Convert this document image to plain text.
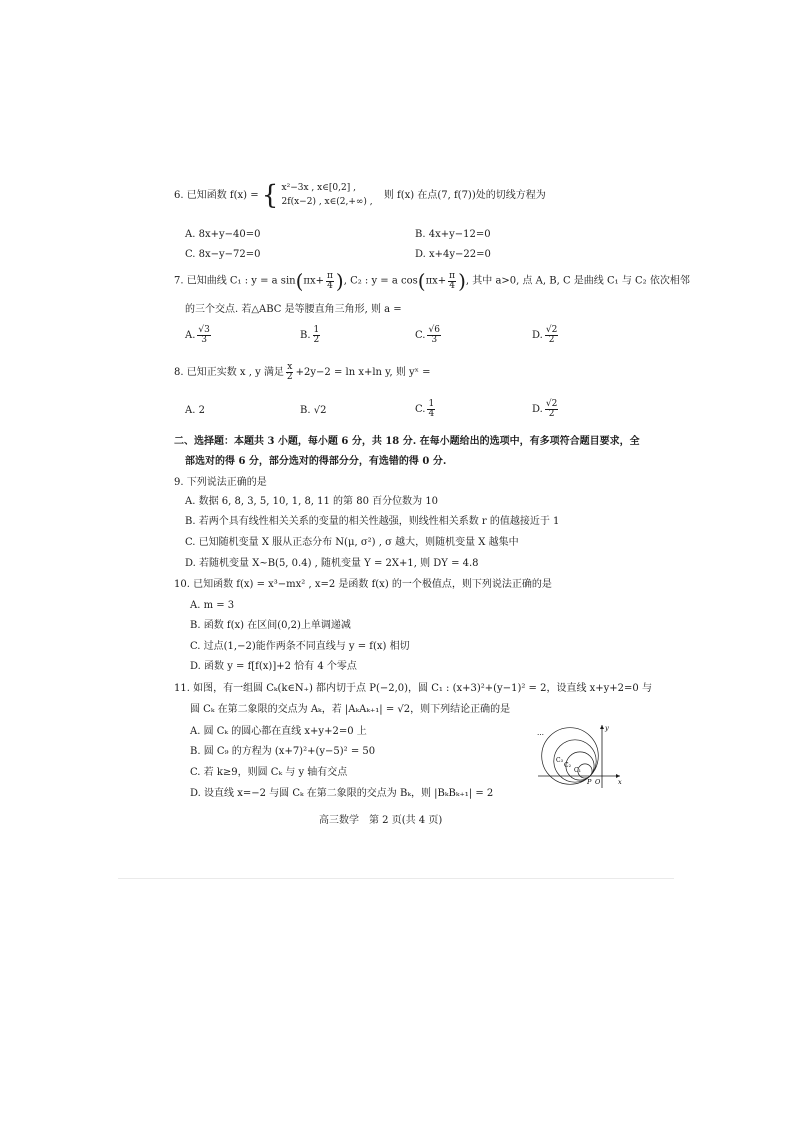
6. 已知函数 f(x) = { x²−3x , x∈[0,2] ,
2f(x−2) , x∈(2,+∞) ,
则 f(x) 在点(7, f(7))处的切线方程为
A. 8x+y−40=0	B. 4x+y−12=0
C. 8x−y−72=0	D. x+4y−22=0
7. 已知曲线 C₁ : y = a $\sin(\pi x+ \frac{\pi}{4}$ ), C₂ : y = a $\cos(\pi x+ \frac{\pi}{4}$ ), 其中 a>0, 点 A, B, C 是曲线 C₁ 与 C₂ 依次相邻
的三个交点. 若△ABC 是等腰直角三角形, 则 a =
A. $\frac{√3}{3}$	B. $\frac{1}{2}$	C. $\frac{√6}{3}$	D. $\frac{√2}{2}$
8. 已知正实数 x , y 满足 $\frac{x}{2} +2y-2 = \ln x+\ln$ y, 则 yˣ =
A. 2	B. √2	C. $\frac{1}{4}$	D. $\frac{√2}{2}$
二、选择题：本题共 3 小题，每小题 6 分，共 18 分. 在每小题给出的选项中，有多项符合题目要求，全
部选对的得 6 分，部分选对的得部分分，有选错的得 0 分.
9. 下列说法正确的是
A. 数据 6, 8, 3, 5, 10, 1, 8, 11 的第 80 百分位数为 10
B. 若两个具有线性相关关系的变量的相关性越强，则线性相关系数 r 的值越接近于 1
C. 已知随机变量 X 服从正态分布 N(μ, σ²) , σ 越大，则随机变量 X 越集中
D. 若随机变量 X~B(5, 0.4) , 随机变量 Y = 2X+1, 则 DY = 4.8
10. 已知函数 f(x) = x³−mx² , x=2 是函数 f(x) 的一个极值点，则下列说法正确的是
A. m = 3
B. 函数 f(x) 在区间(0,2)上单调递减
C. 过点(1,−2)能作两条不同直线与 y = f(x) 相切
D. 函数 y = f[f(x)]+2 恰有 4 个零点
11. 如图，有一组圆 Cₖ(k∈N₊) 都内切于点 P(−2,0)，圆 C₁ : (x+3)²+(y−1)² = 2，设直线 x+y+2=0 与
圆 Cₖ 在第二象限的交点为 Aₖ，若 |AₖAₖ₊₁| = √2，则下列结论正确的是
A. 圆 Cₖ 的圆心都在直线 x+y+2=0 上
B. 圆 C₉ 的方程为 (x+7)²+(y−5)² = 50
C. 若 k≥9，则圆 Cₖ 与 y 轴有交点
D. 设直线 x=−2 与圆 Cₖ 在第二象限的交点为 Bₖ，则 |BₖBₖ₊₁| = 2
…
C₃
C₂
C₁
P O	x
y
高三数学　第 2 页(共 4 页)
